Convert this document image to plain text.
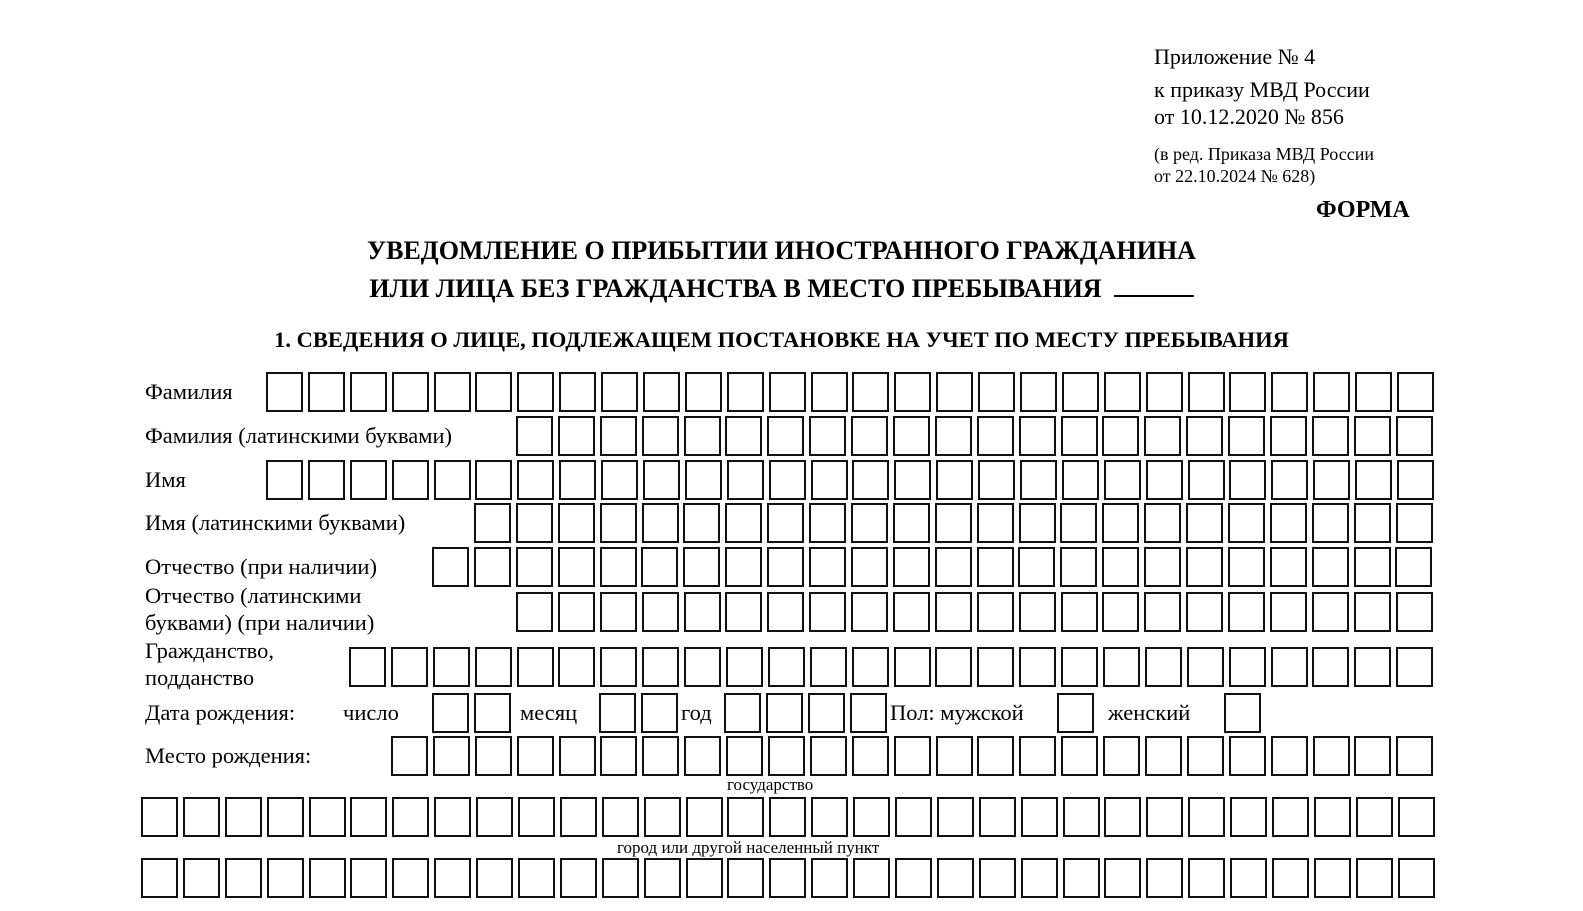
Приложение № 4
к приказу МВД России
от 10.12.2020 № 856
(в ред. Приказа МВД России
от 22.10.2024 № 628)
ФОРМА
УВЕДОМЛЕНИЕ О ПРИБЫТИИ ИНОСТРАННОГО ГРАЖДАНИНА
ИЛИ ЛИЦА БЕЗ ГРАЖДАНСТВА В МЕСТО ПРЕБЫВАНИЯ
1. СВЕДЕНИЯ О ЛИЦЕ, ПОДЛЕЖАЩЕМ ПОСТАНОВКЕ НА УЧЕТ ПО МЕСТУ ПРЕБЫВАНИЯ
Фамилия
Фамилия (латинскими буквами)
Имя
Имя (латинскими буквами)
Отчество (при наличии)
Отчество (латинскими
буквами) (при наличии)
Гражданство,
подданство
Дата рождения: число	месяц	год	Пол: мужской	женский
Место рождения:
государство
город или другой населенный пункт
